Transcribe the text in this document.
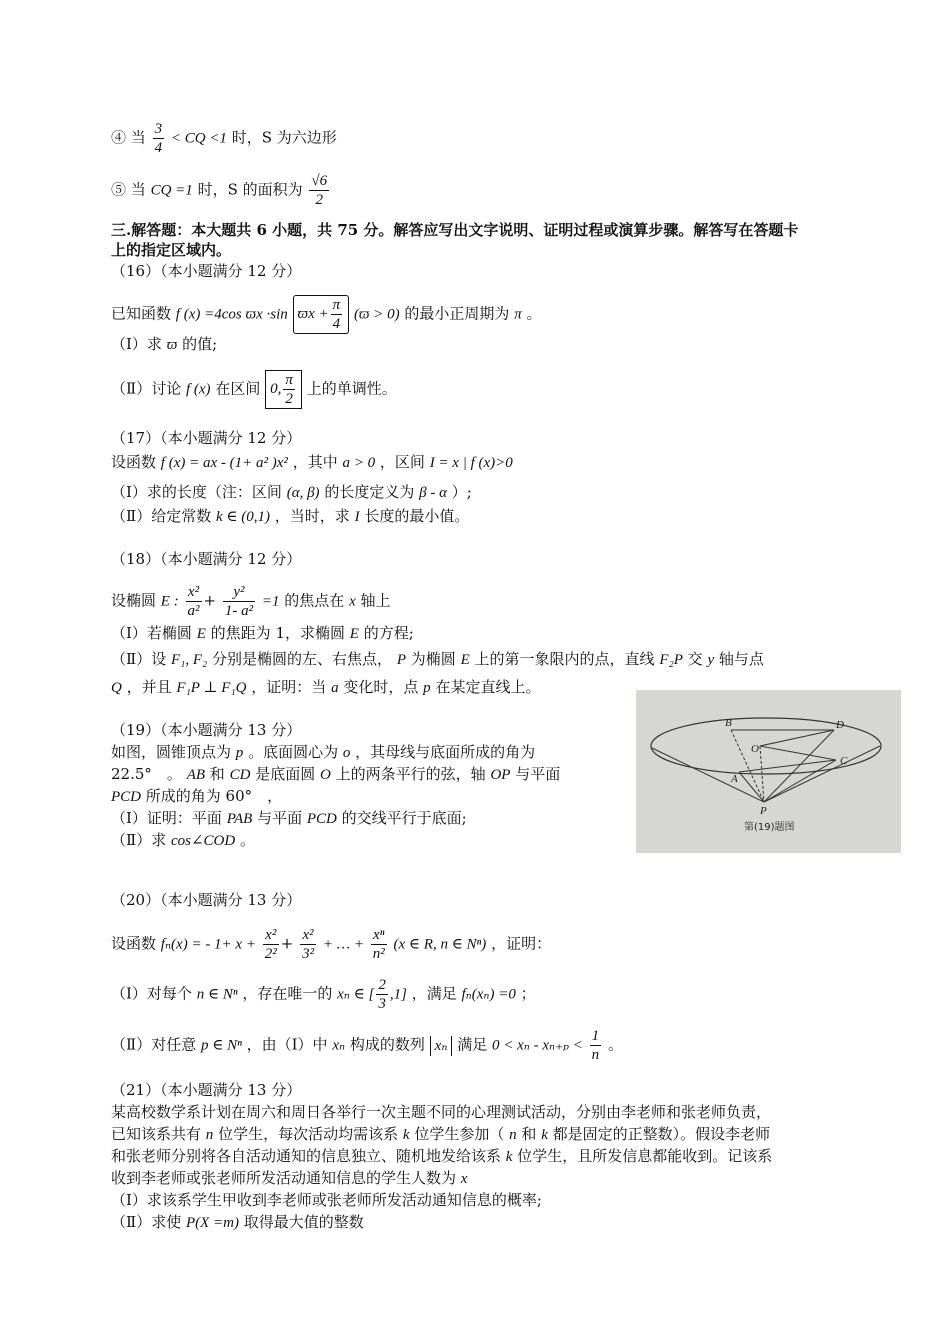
④ 当 $\frac{3}{4}$ < CQ <1 时，S 为六边形
⑤ 当 CQ =1 时，S 的面积为 $\frac{√6}{2}$
三.解答题：本大题共 6 小题，共 75 分。解答应写出文字说明、证明过程或演算步骤。解答写在答题卡
上的指定区域内。
（16）（本小题满分 12 分）
已知函数 f (x) =4cos ϖx ·sin $ϖx + \frac{\pi}{4} (ϖ > 0)$ 的最小正周期为 π 。
（Ⅰ）求 ϖ 的值;
（Ⅱ）讨论 f (x) 在区间 0, $\frac{\pi}{2}$ 上的单调性。
（17）（本小题满分 12 分）
设函数 f (x) = ax - (1+ a² )x² ，其中 a > 0 ，区间 I = x | f (x)>0
（Ⅰ）求的长度（注：区间 (α, β) 的长度定义为 β - α ）;
（Ⅱ）给定常数 k ∈ (0,1) ，当时，求 I 长度的最小值。
（18）（本小题满分 12 分）
设椭圆 E : $\frac{\text{x²}}{\text{a²}} + \frac{\text{y²}}{\text{1- a²}} =1$ 的焦点在 x 轴上
（Ⅰ）若椭圆 E 的焦距为 1，求椭圆 E 的方程;
（Ⅱ）设 F₁, F₂ 分别是椭圆的左、右焦点， P 为椭圆 E 上的第一象限内的点，直线 F₂P 交 y 轴与点
Q ，并且 F₁P ⊥ F₁Q ，证明：当 a 变化时，点 p 在某定直线上。
（19）（本小题满分 13 分）
如图，圆锥顶点为 p 。底面圆心为 o ，其母线与底面所成的角为
22.5°　。 AB 和 CD 是底面圆 O 上的两条平行的弦，轴 OP 与平面
PCD 所成的角为 60°　，
（Ⅰ）证明：平面 PAB 与平面 PCD 的交线平行于底面;
（Ⅱ）求 cos∠COD 。
B	D
O
C
A
P
第(19)题图
（20）（本小题满分 13 分）
设函数 fₙ(x) = - $1+ x + \frac{\text{x²}}{\text{2²}} + \frac{\text{x²}}{\text{3²}}$ + … + $\frac{\text{xⁿ}}{\text{n²}} (x$ ∈ R, n ∈ Nⁿ) ，证明：
（Ⅰ）对每个 n ∈ Nⁿ ，存在唯一的 xₙ ∈ [ $\frac{2}{3} ,1$] ，满足 fₙ(xₙ) =0 ；
（Ⅱ）对任意 p ∈ Nⁿ ，由（Ⅰ）中 xₙ 构成的数列 xₙ 满足 $0 < x_n - x_{n+p} < \frac{1}{n}$ 。
（21）（本小题满分 13 分）
某高校数学系计划在周六和周日各举行一次主题不同的心理测试活动，分别由李老师和张老师负责，
已知该系共有 n 位学生，每次活动均需该系 k 位学生参加（ n 和 k 都是固定的正整数）。假设李老师
和张老师分别将各自活动通知的信息独立、随机地发给该系 k 位学生，且所发信息都能收到。记该系
收到李老师或张老师所发活动通知信息的学生人数为 x
（Ⅰ）求该系学生甲收到李老师或张老师所发活动通知信息的概率;
（Ⅱ）求使 P(X =m) 取得最大值的整数
